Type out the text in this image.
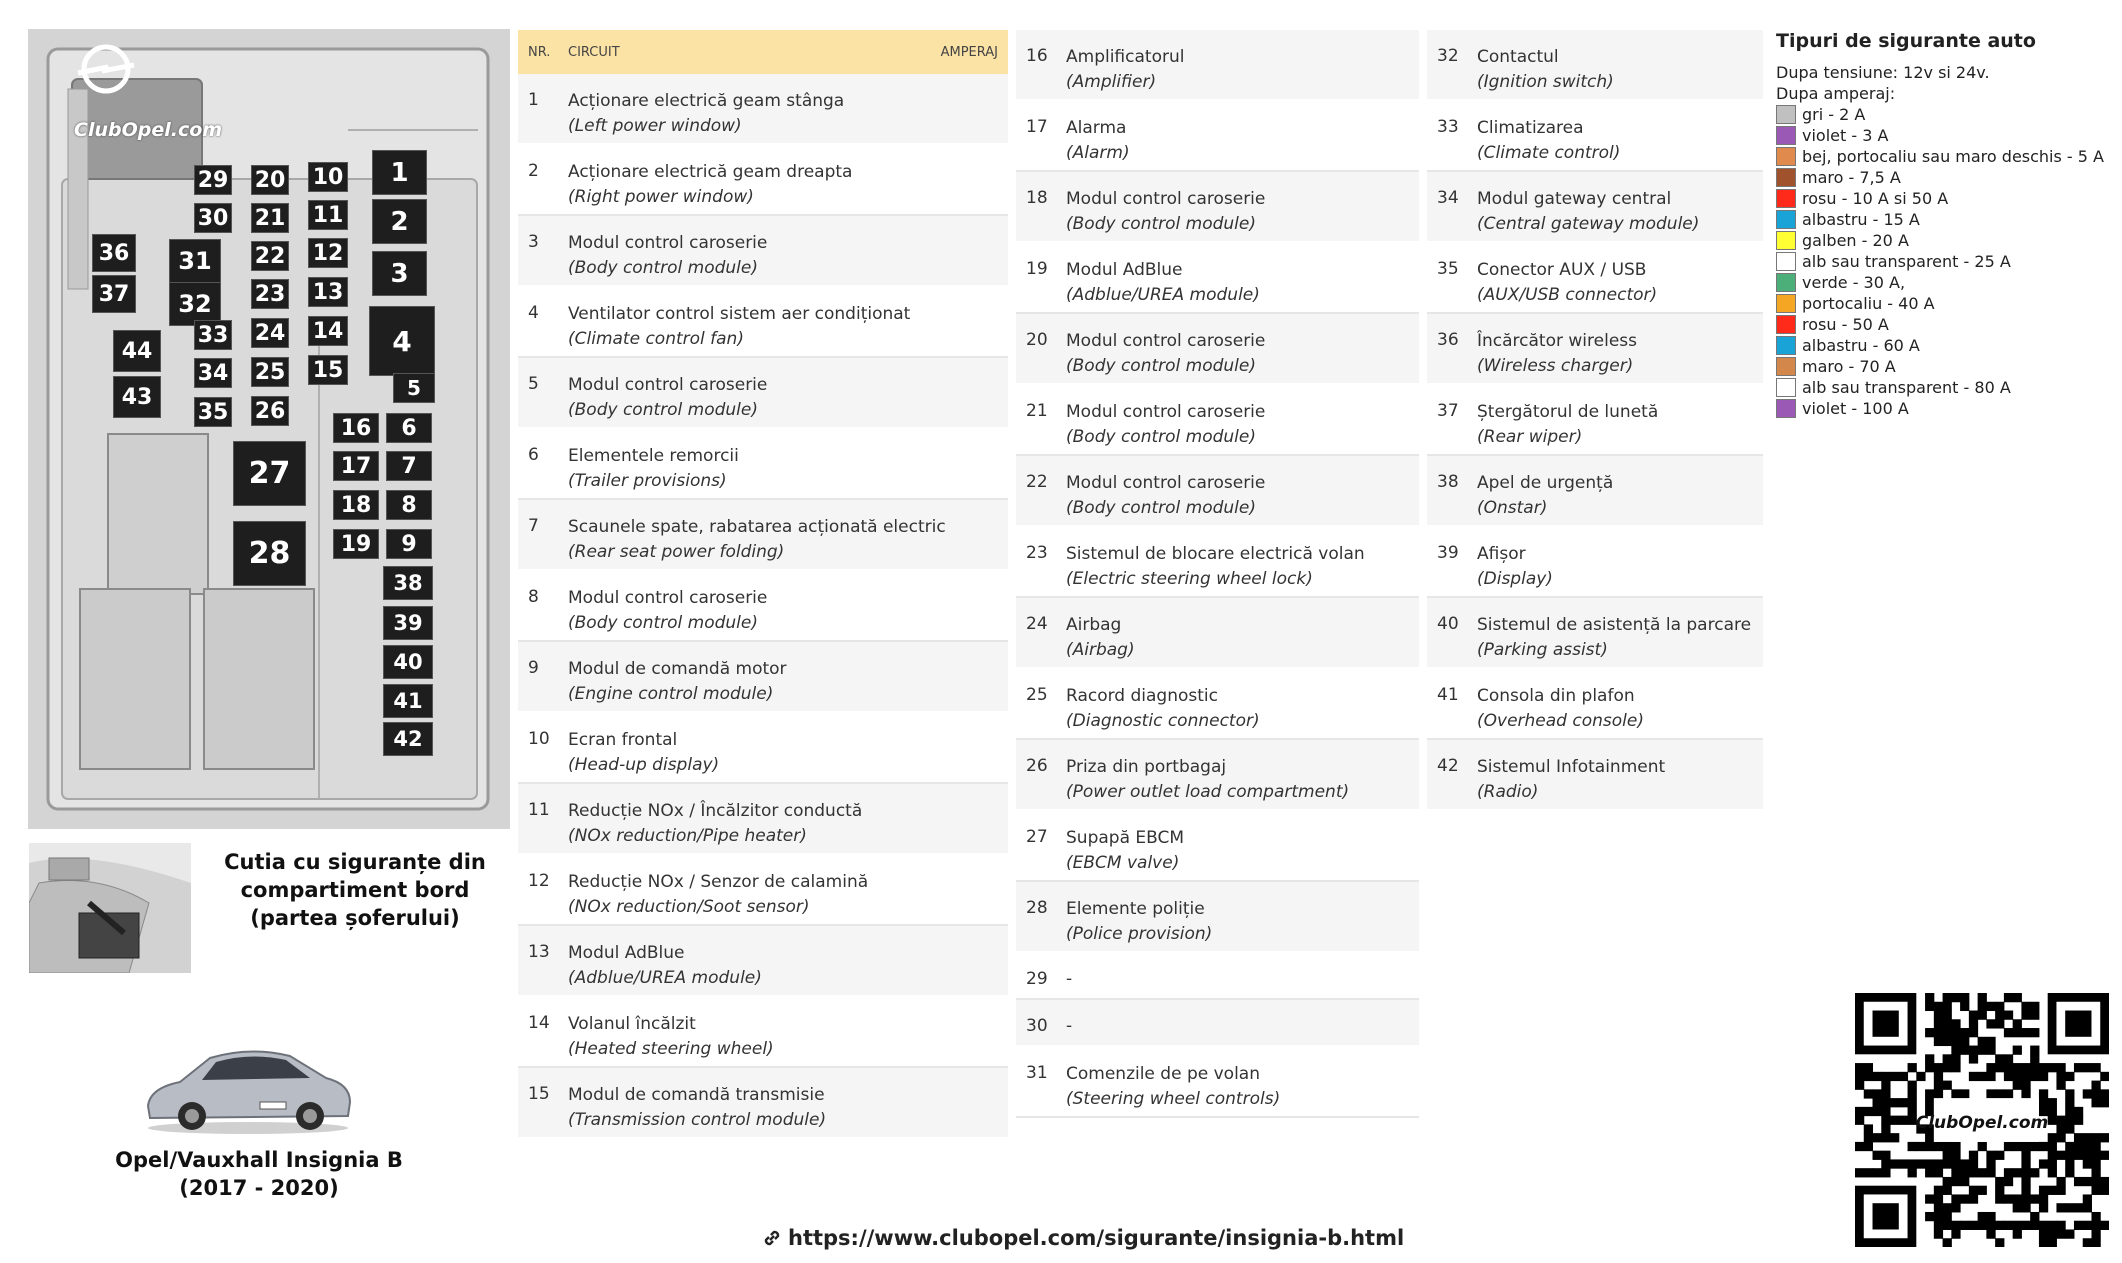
ClubOpel.com
29 20 10	1
30 21 11	2
36	31	22 12
3
37	32	23 13
33 24 14	4
44
34 25 15
43
35 26
5
16	6
27	17	7
18	8
28	19	9
38
39
40
41
42
Cutia cu siguranțe din
compartiment bord
(partea șoferului)
Opel/Vauxhall Insignia B
(2017 - 2020)
NR.	CIRCUIT	AMPERAJ
1	Acționare electrică geam stânga
(Left power window)
2	Acționare electrică geam dreapta
(Right power window)
3	Modul control caroserie
(Body control module)
4	Ventilator control sistem aer condiționat
(Climate control fan)
5	Modul control caroserie
(Body control module)
6	Elementele remorcii
(Trailer provisions)
7	Scaunele spate, rabatarea acționată electric
(Rear seat power folding)
8	Modul control caroserie
(Body control module)
9	Modul de comandă motor
(Engine control module)
10	Ecran frontal
(Head-up display)
11	Reducție NOx / Încălzitor conductă
(NOx reduction/Pipe heater)
12	Reducție NOx / Senzor de calamină
(NOx reduction/Soot sensor)
13	Modul AdBlue
(Adblue/UREA module)
14	Volanul încălzit
(Heated steering wheel)
15	Modul de comandă transmisie
(Transmission control module)
16	Amplificatorul
(Amplifier)
17	Alarma
(Alarm)
18	Modul control caroserie
(Body control module)
19	Modul AdBlue
(Adblue/UREA module)
20	Modul control caroserie
(Body control module)
21	Modul control caroserie
(Body control module)
22	Modul control caroserie
(Body control module)
23	Sistemul de blocare electrică volan
(Electric steering wheel lock)
24	Airbag
(Airbag)
25	Racord diagnostic
(Diagnostic connector)
26	Priza din portbagaj
(Power outlet load compartment)
27	Supapă EBCM
(EBCM valve)
28	Elemente poliție
(Police provision)
29	-
30	-
31	Comenzile de pe volan
(Steering wheel controls)
32	Contactul
(Ignition switch)
33	Climatizarea
(Climate control)
34	Modul gateway central
(Central gateway module)
35	Conector AUX / USB
(AUX/USB connector)
36	Încărcător wireless
(Wireless charger)
37	Ștergătorul de lunetă
(Rear wiper)
38	Apel de urgență
(Onstar)
39	Afișor
(Display)
40	Sistemul de asistență la parcare
(Parking assist)
41	Consola din plafon
(Overhead console)
42	Sistemul Infotainment
(Radio)
Tipuri de sigurante auto
Dupa tensiune: 12v si 24v.
Dupa amperaj:
gri - 2 A
violet - 3 A
bej, portocaliu sau maro deschis - 5 A
maro - 7,5 A
rosu - 10 A si 50 A
albastru - 15 A
galben - 20 A
alb sau transparent - 25 A
verde - 30 A,
portocaliu - 40 A
rosu - 50 A
albastru - 60 A
maro - 70 A
alb sau transparent - 80 A
violet - 100 A
https://www.clubopel.com/sigurante/insignia-b.html
ClubOpel.com
